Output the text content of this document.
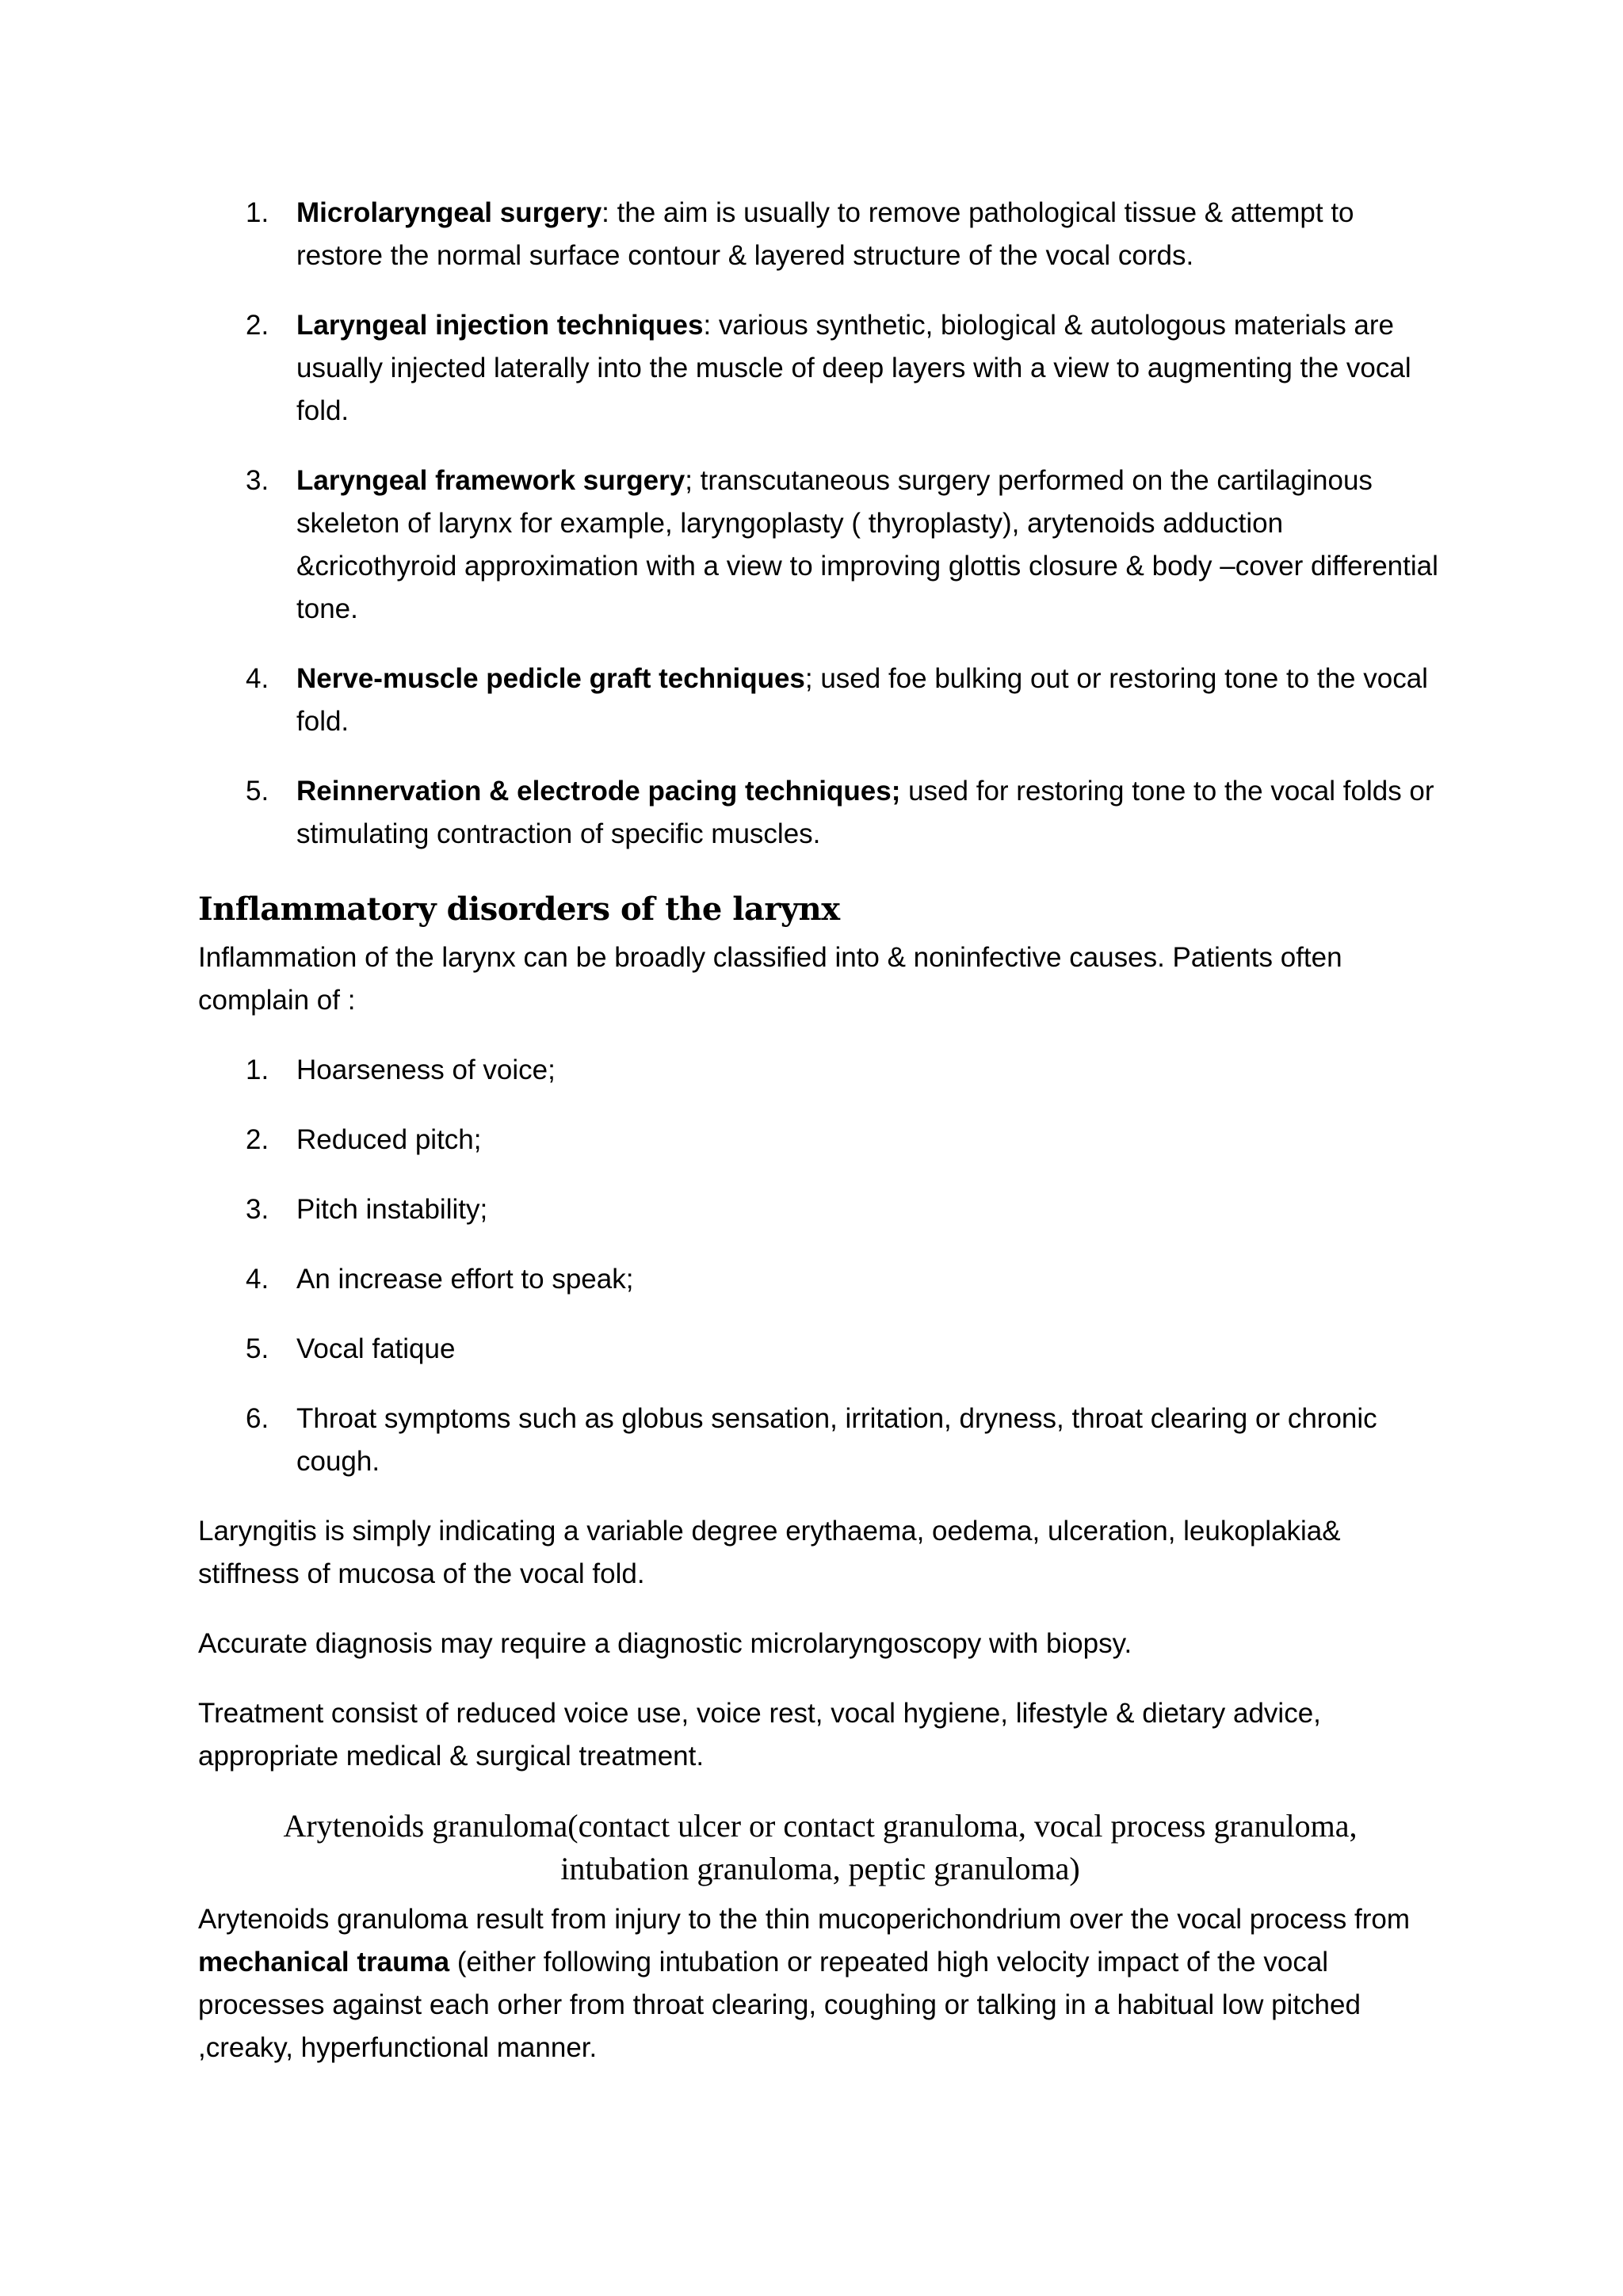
1. Microlaryngeal surgery: the aim is usually to remove pathological tissue & attempt to restore the normal surface contour & layered structure of the vocal cords.
2. Laryngeal injection techniques: various synthetic, biological & autologous materials are usually injected laterally into the muscle of deep layers with a view to augmenting the vocal fold.
3. Laryngeal framework surgery; transcutaneous surgery performed on the cartilaginous skeleton of larynx for example, laryngoplasty ( thyroplasty), arytenoids adduction &cricothyroid approximation with a view to improving glottis closure & body –cover differential tone.
4. Nerve-muscle pedicle graft techniques; used foe bulking out or restoring tone to the vocal fold.
5. Reinnervation & electrode pacing techniques; used for restoring tone to the vocal folds or stimulating contraction of specific muscles.
Inflammatory disorders of the larynx

Inflammation of the larynx can be broadly classified into & noninfective causes. Patients often complain of :

1. Hoarseness of voice;
2. Reduced pitch;
3. Pitch instability;
4. An increase effort to speak;
5. Vocal fatique
6. Throat symptoms such as globus sensation, irritation, dryness, throat clearing or chronic cough.

Laryngitis is simply indicating a variable degree erythaema, oedema, ulceration, leukoplakia& stiffness of mucosa of the vocal fold.

Accurate diagnosis may require a diagnostic microlaryngoscopy with biopsy.

Treatment consist of reduced voice use, voice rest, vocal hygiene, lifestyle & dietary advice, appropriate medical & surgical treatment.

Arytenoids granuloma(contact ulcer or contact granuloma, vocal process granuloma,
intubation granuloma, peptic granuloma)

Arytenoids granuloma result from injury to the thin mucoperichondrium over the vocal process from mechanical trauma (either following intubation or repeated high velocity impact of the vocal processes against each orher from throat clearing, coughing or talking in a habitual low pitched ,creaky, hyperfunctional manner.
